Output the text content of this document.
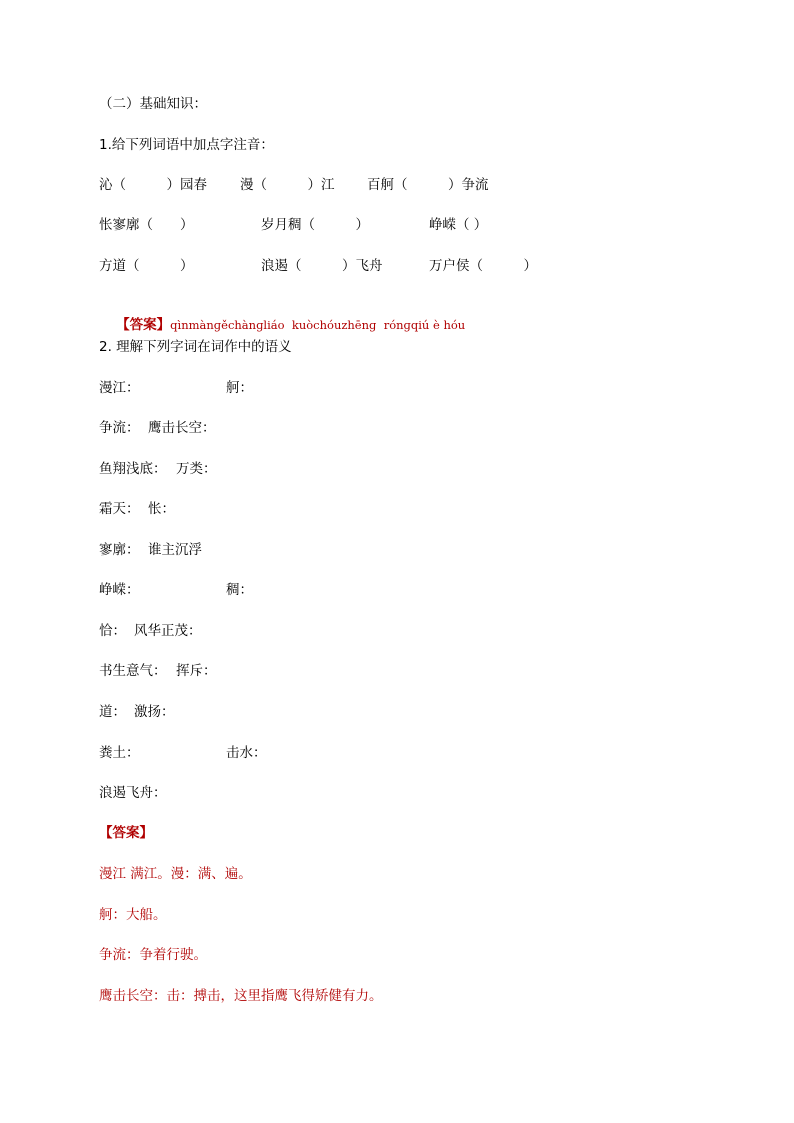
（二）基础知识：
1.给下列词语中加点字注音：

沁（　　　）园春

漫（　　　）江

百舸（　　　）争流

怅寥廓（　　）

	岁月稠（　　　）

	峥嵘（ ）

方道（　　　）

	浪遏（　　　）飞舟

	万户侯（　　　）

【答案】qìnmànɡěchànɡliáo  kuòchóuzhēnɡ  rónɡqiú è hóu

2. 理解下列字词在词作中的语义

漫江：

	舸：

争流：

鹰击长空：

鱼翔浅底：

万类：

霜天：

怅：

寥廓：

谁主沉浮

峥嵘：

	稠：

恰：

风华正茂：

书生意气：

挥斥：

道：

激扬：

粪土：

	击水：

浪遏飞舟：

【答案】
漫江 满江。漫：满、遍。
舸：大船。
争流：争着行驶。
鹰击长空：击：搏击，这里指鹰飞得矫健有力。
